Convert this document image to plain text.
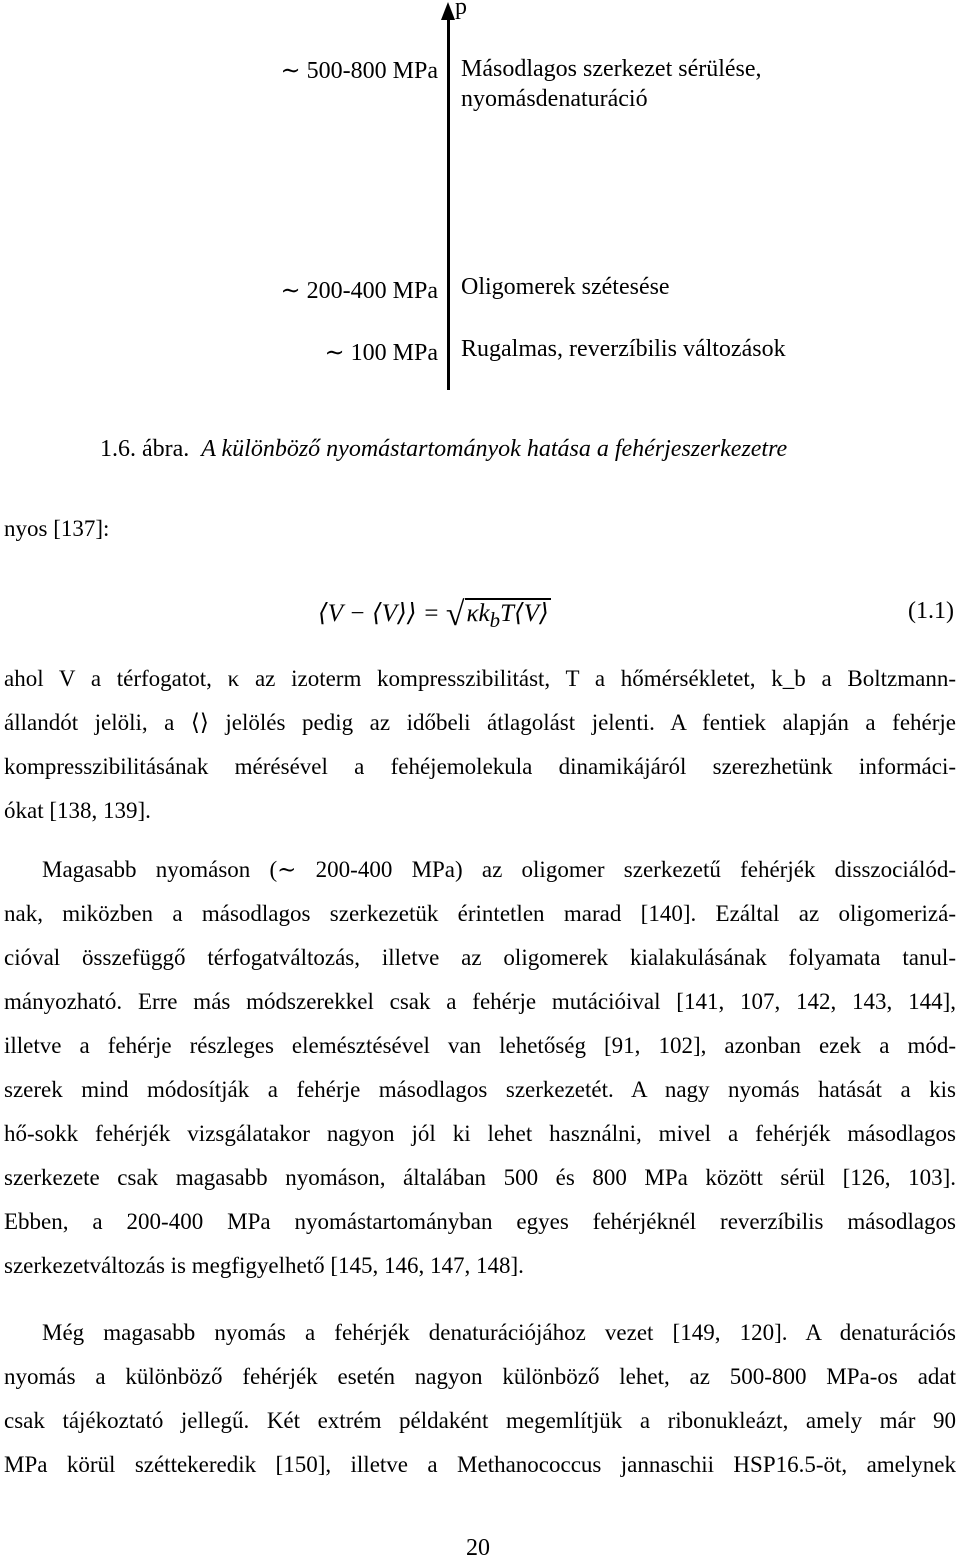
p
∼ 500-800 MPa Másodlagos szerkezet sérülése,
nyomásdenaturáció
∼ 200-400 MPa Oligomerek szétesése
∼ 100 MPa Rugalmas, reverzíbilis változások
1.6. ábra. A különböző nyomástartományok hatása a fehérjeszerkezetre
nyos [137]:
⟨V − ⟨V⟩⟩ = $√\kappa k_bT⟨V⟩$	(1.1)
ahol V a térfogatot, κ az izoterm kompresszibilitást, T a hőmérsékletet, k_b a Boltzmann-
állandót jelöli, a ⟨⟩ jelölés pedig az időbeli átlagolást jelenti. A fentiek alapján a fehérje
kompresszibilitásának mérésével a fehéjemolekula dinamikájáról szerezhetünk informáci-
ókat [138, 139].
Magasabb nyomáson (∼ 200-400 MPa) az oligomer szerkezetű fehérjék disszociálód-
nak, miközben a másodlagos szerkezetük érintetlen marad [140]. Ezáltal az oligomerizá-
cióval összefüggő térfogatváltozás, illetve az oligomerek kialakulásának folyamata tanul-
mányozható. Erre más módszerekkel csak a fehérje mutációival [141, 107, 142, 143, 144],
illetve a fehérje részleges elemésztésével van lehetőség [91, 102], azonban ezek a mód-
szerek mind módosítják a fehérje másodlagos szerkezetét. A nagy nyomás hatását a kis
hő-sokk fehérjék vizsgálatakor nagyon jól ki lehet használni, mivel a fehérjék másodlagos
szerkezete csak magasabb nyomáson, általában 500 és 800 MPa között sérül [126, 103].
Ebben, a 200-400 MPa nyomástartományban egyes fehérjéknél reverzíbilis másodlagos
szerkezetváltozás is megfigyelhető [145, 146, 147, 148].
Még magasabb nyomás a fehérjék denaturációjához vezet [149, 120]. A denaturációs
nyomás a különböző fehérjék esetén nagyon különböző lehet, az 500-800 MPa-os adat
csak tájékoztató jellegű. Két extrém példaként megemlítjük a ribonukleázt, amely már 90
MPa körül széttekeredik [150], illetve a Methanococcus jannaschii HSP16.5-öt, amelynek
20
